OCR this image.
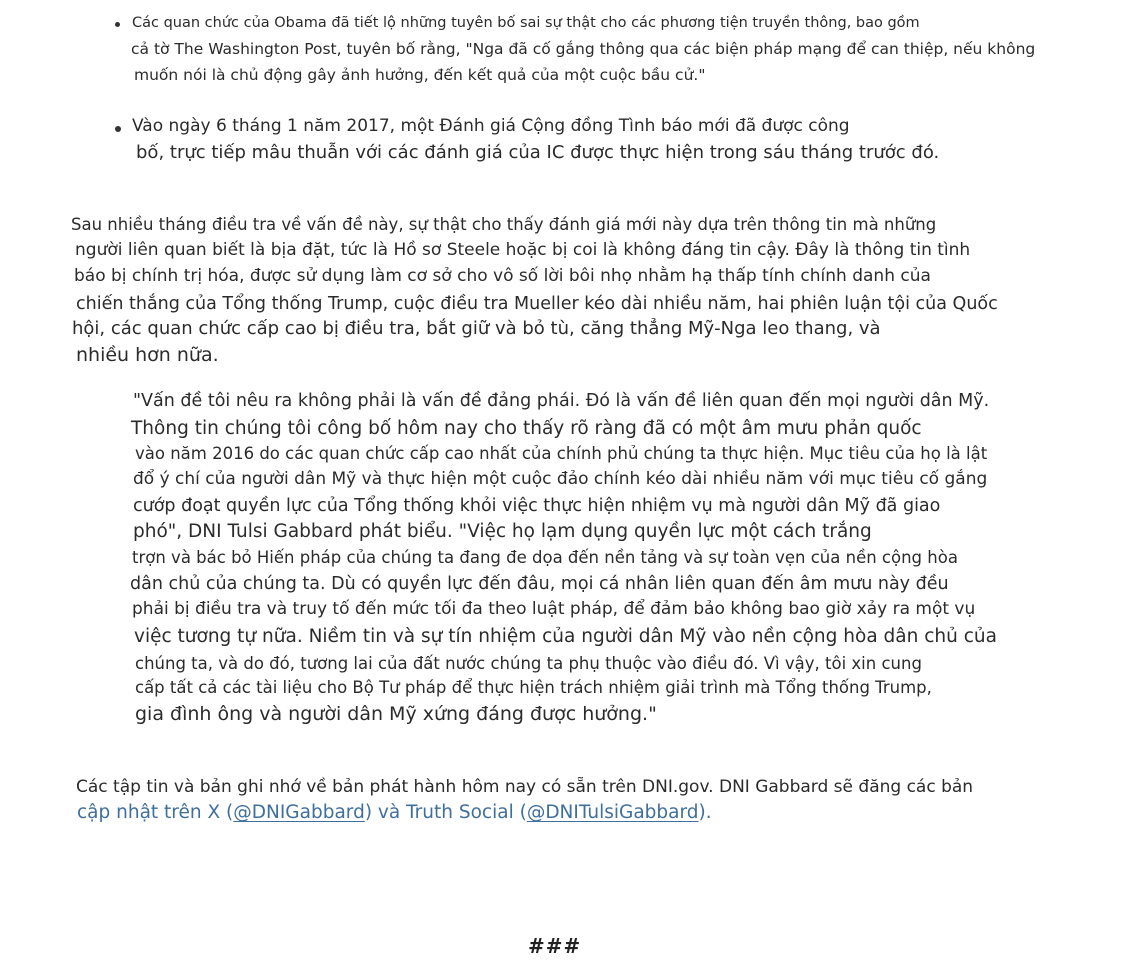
Các quan chức của Obama đã tiết lộ những tuyên bố sai sự thật cho các phương tiện truyền thông, bao gồm
cả tờ The Washington Post, tuyên bố rằng, "Nga đã cố gắng thông qua các biện pháp mạng để can thiệp, nếu không
muốn nói là chủ động gây ảnh hưởng, đến kết quả của một cuộc bầu cử."
Vào ngày 6 tháng 1 năm 2017, một Đánh giá Cộng đồng Tình báo mới đã được công
bố, trực tiếp mâu thuẫn với các đánh giá của IC được thực hiện trong sáu tháng trước đó.
Sau nhiều tháng điều tra về vấn đề này, sự thật cho thấy đánh giá mới này dựa trên thông tin mà những
người liên quan biết là bịa đặt, tức là Hồ sơ Steele hoặc bị coi là không đáng tin cậy. Đây là thông tin tình
báo bị chính trị hóa, được sử dụng làm cơ sở cho vô số lời bôi nhọ nhằm hạ thấp tính chính danh của
chiến thắng của Tổng thống Trump, cuộc điều tra Mueller kéo dài nhiều năm, hai phiên luận tội của Quốc
hội, các quan chức cấp cao bị điều tra, bắt giữ và bỏ tù, căng thẳng Mỹ-Nga leo thang, và
nhiều hơn nữa.
"Vấn đề tôi nêu ra không phải là vấn đề đảng phái. Đó là vấn đề liên quan đến mọi người dân Mỹ.
Thông tin chúng tôi công bố hôm nay cho thấy rõ ràng đã có một âm mưu phản quốc
vào năm 2016 do các quan chức cấp cao nhất của chính phủ chúng ta thực hiện. Mục tiêu của họ là lật
đổ ý chí của người dân Mỹ và thực hiện một cuộc đảo chính kéo dài nhiều năm với mục tiêu cố gắng
cướp đoạt quyền lực của Tổng thống khỏi việc thực hiện nhiệm vụ mà người dân Mỹ đã giao
phó", DNI Tulsi Gabbard phát biểu. "Việc họ lạm dụng quyền lực một cách trắng
trợn và bác bỏ Hiến pháp của chúng ta đang đe dọa đến nền tảng và sự toàn vẹn của nền cộng hòa
dân chủ của chúng ta. Dù có quyền lực đến đâu, mọi cá nhân liên quan đến âm mưu này đều
phải bị điều tra và truy tố đến mức tối đa theo luật pháp, để đảm bảo không bao giờ xảy ra một vụ
việc tương tự nữa. Niềm tin và sự tín nhiệm của người dân Mỹ vào nền cộng hòa dân chủ của
chúng ta, và do đó, tương lai của đất nước chúng ta phụ thuộc vào điều đó. Vì vậy, tôi xin cung
cấp tất cả các tài liệu cho Bộ Tư pháp để thực hiện trách nhiệm giải trình mà Tổng thống Trump,
gia đình ông và người dân Mỹ xứng đáng được hưởng."
Các tập tin và bản ghi nhớ về bản phát hành hôm nay có sẵn trên DNI.gov. DNI Gabbard sẽ đăng các bản
cập nhật trên X (@DNIGabbard) và Truth Social (@DNITulsiGabbard).
###
